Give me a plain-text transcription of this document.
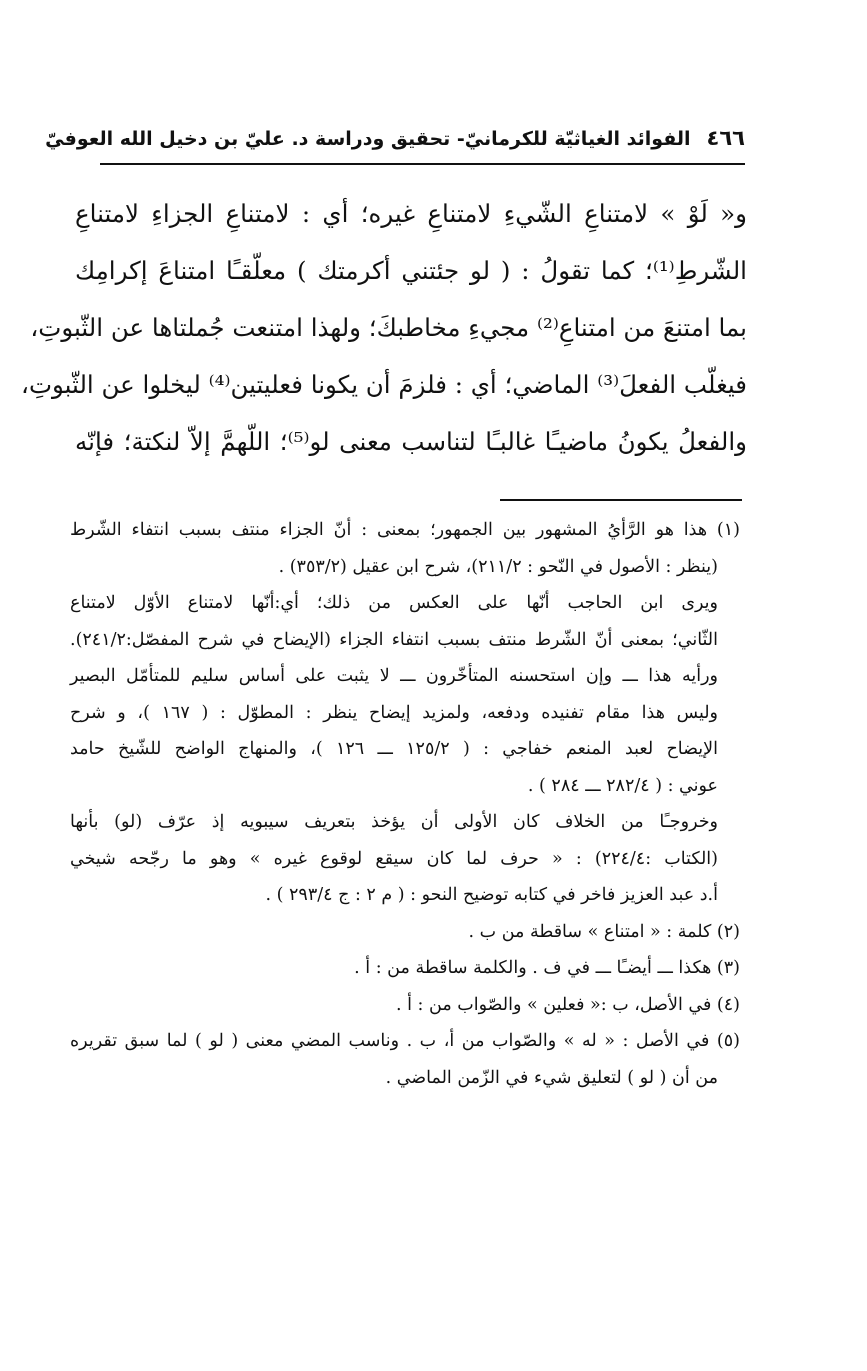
٤٦٦
الفوائد الغياثيّة للكرمانيّ- تحقيق ودراسة د. عليّ بن دخيل الله العوفيّ
و« لَوْ » لامتناعِ الشّيءِ لامتناعِ غيره؛ أي : لامتناعِ الجزاءِ لامتناعِ
الشّرطِ⁽¹⁾؛ كما تقولُ : ( لو جئتني أكرمتك ) معلّقـًا امتناعَ إكرامِك
بما امتنعَ من امتناعِ⁽²⁾ مجيءِ مخاطبكَ؛ ولهذا امتنعت جُملتاها عن الثّبوتِ،
فيغلّب الفعلَ⁽³⁾ الماضي؛ أي : فلزمَ أن يكونا فعليتين⁽⁴⁾ ليخلوا عن الثّبوتِ،
والفعلُ يكونُ ماضيـًا غالبـًا لتناسب معنى لو⁽⁵⁾؛ اللّهمَّ إلاّ لنكتة؛ فإنّه
(١) هذا هو الرَّأيُ المشهور بين الجمهور؛ بمعنى : أنّ الجزاء منتف بسبب انتفاء الشّرط
(ينظر : الأصول في النّحو : ٢١١/٢)، شرح ابن عقيل (٣٥٣/٢) .
ويرى ابن الحاجب أنّها على العكس من ذلك؛ أي:أنّها لامتناع الأوّل لامتناع
الثّاني؛ بمعنى أنّ الشّرط منتف بسبب انتفاء الجزاء (الإيضاح في شرح المفصّل:٢٤١/٢).
ورأيه هذا ـــ وإن استحسنه المتأخّرون ـــ لا يثبت على أساس سليم للمتأمّل البصير
وليس هذا مقام تفنيده ودفعه، ولمزيد إيضاح ينظر : المطوّل : ( ١٦٧ )، و شرح
الإيضاح لعبد المنعم خفاجي : ( ١٢٥/٢ ـــ ١٢٦ )، والمنهاج الواضح للشّيخ حامد
عوني : ( ٢٨٢/٤ ـــ ٢٨٤ ) .
وخروجـًا من الخلاف كان الأولى أن يؤخذ بتعريف سيبويه إذ عرّف (لو) بأنها
(الكتاب :٢٢٤/٤) : « حرف لما كان سيقع لوقوع غيره » وهو ما رجّحه شيخي
أ.د عبد العزيز فاخر في كتابه توضيح النحو : ( م ٢ : ج ٢٩٣/٤ ) .
(٢) كلمة : « امتناع » ساقطة من ب .
(٣) هكذا ـــ أيضـًا ـــ في ف . والكلمة ساقطة من : أ .
(٤) في الأصل، ب :« فعلين » والصّواب من : أ .
(٥) في الأصل : « له » والصّواب من أ، ب . وناسب المضي معنى ( لو ) لما سبق تقريره
من أن ( لو ) لتعليق شيء في الزّمن الماضي .
